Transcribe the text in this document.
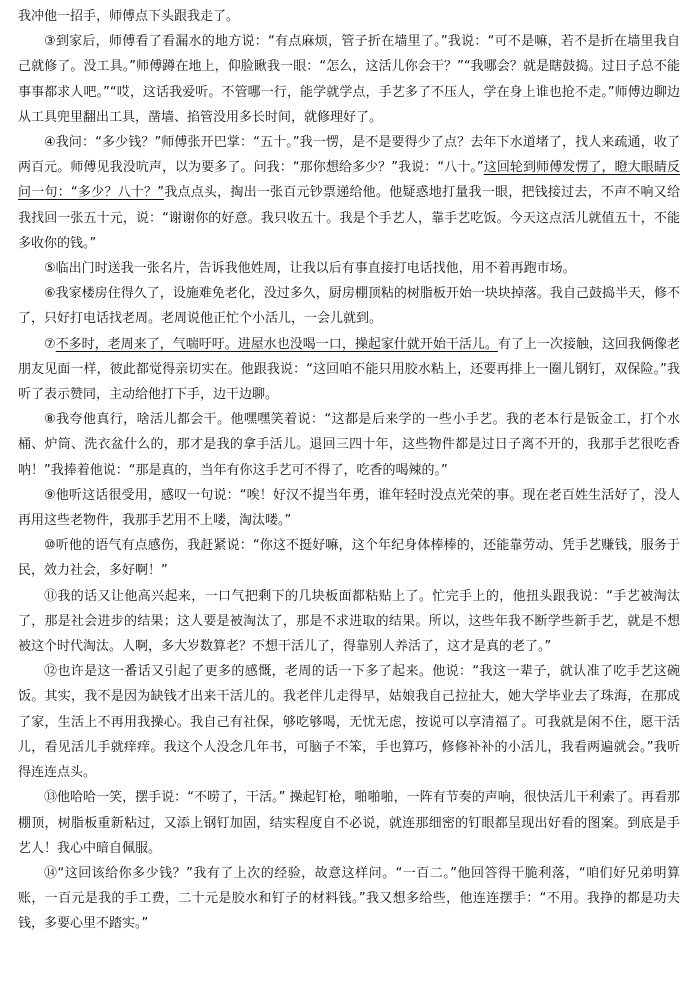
我冲他一招手，师傅点下头跟我走了。

③到家后，师傅看了看漏水的地方说：“有点麻烦，管子折在墙里了。”我说：“可不是嘛，若不是折在墙里我自己就修了。没工具。”师傅蹲在地上，仰脸瞅我一眼：“怎么，这活儿你会干？”“我哪会？就是瞎鼓捣。过日子总不能事事都求人吧。”“哎，这话我爱听。不管哪一行，能学就学点，手艺多了不压人，学在身上谁也抢不走。”师傅边聊边从工具兜里翻出工具，凿墙、掐管没用多长时间，就修理好了。

④我问：“多少钱？”师傅张开巴掌：“五十。”我一愣，是不是要得少了点？去年下水道堵了，找人来疏通，收了两百元。师傅见我没吭声，以为要多了。问我：“那你想给多少？”我说：“八十。”这回轮到师傅发愣了，瞪大眼睛反问一句：“多少？八十？”我点点头，掏出一张百元钞票递给他。他疑惑地打量我一眼，把钱接过去，不声不响又给我找回一张五十元，说：“谢谢你的好意。我只收五十。我是个手艺人，靠手艺吃饭。今天这点活儿就值五十，不能多收你的钱。”

⑤临出门时送我一张名片，告诉我他姓周，让我以后有事直接打电话找他，用不着再跑市场。

⑥我家楼房住得久了，设施难免老化，没过多久，厨房棚顶粘的树脂板开始一块块掉落。我自己鼓捣半天，修不了，只好打电话找老周。老周说他正忙个小活儿，一会儿就到。

⑦不多时，老周来了，气喘吁吁。进屋水也没喝一口，操起家什就开始干活儿。有了上一次接触，这回我俩像老朋友见面一样，彼此都觉得亲切实在。他跟我说：“这回咱不能只用胶水粘上，还要再排上一圈儿钢钉，双保险。”我听了表示赞同，主动给他打下手，边干边聊。

⑧我夸他真行，啥活儿都会干。他嘿嘿笑着说：“这都是后来学的一些小手艺。我的老本行是钣金工，打个水桶、炉筒、洗衣盆什么的，那才是我的拿手活儿。退回三四十年，这些物件都是过日子离不开的，我那手艺很吃香呐！”我捧着他说：“那是真的，当年有你这手艺可不得了，吃香的喝辣的。”

⑨他听这话很受用，感叹一句说：“唉！好汉不提当年勇，谁年轻时没点光荣的事。现在老百姓生活好了，没人再用这些老物件，我那手艺用不上喽，淘汰喽。”

⑩听他的语气有点感伤，我赶紧说：“你这不挺好嘛，这个年纪身体棒棒的，还能靠劳动、凭手艺赚钱，服务于民，效力社会，多好啊！”

⑪我的话又让他高兴起来，一口气把剩下的几块板面都粘贴上了。忙完手上的，他扭头跟我说：“手艺被淘汰了，那是社会进步的结果；这人要是被淘汰了，那是不求进取的结果。所以，这些年我不断学些新手艺，就是不想被这个时代淘汰。人啊，多大岁数算老？不想干活儿了，得靠别人养活了，这才是真的老了。”

⑫也许是这一番话又引起了更多的感慨，老周的话一下多了起来。他说：“我这一辈子，就认准了吃手艺这碗饭。其实，我不是因为缺钱才出来干活儿的。我老伴儿走得早，姑娘我自己拉扯大，她大学毕业去了珠海，在那成了家，生活上不再用我操心。我自己有社保，够吃够喝，无忧无虑，按说可以享清福了。可我就是闲不住，愿干活儿，看见活儿手就痒痒。我这个人没念几年书，可脑子不笨，手也算巧，修修补补的小活儿，我看两遍就会。”我听得连连点头。

⑬他哈哈一笑，摆手说：“不唠了，干活。” 操起钉枪，啪啪啪，一阵有节奏的声响，很快活儿干利索了。再看那棚顶，树脂板重新粘过，又添上钢钉加固，结实程度自不必说，就连那细密的钉眼都呈现出好看的图案。到底是手艺人！我心中暗自佩服。

⑭“这回该给你多少钱？”我有了上次的经验，故意这样问。“一百二。”他回答得干脆利落，“咱们好兄弟明算账，一百元是我的手工费，二十元是胶水和钉子的材料钱。”我又想多给些，他连连摆手：“不用。我挣的都是功夫钱，多要心里不踏实。”
